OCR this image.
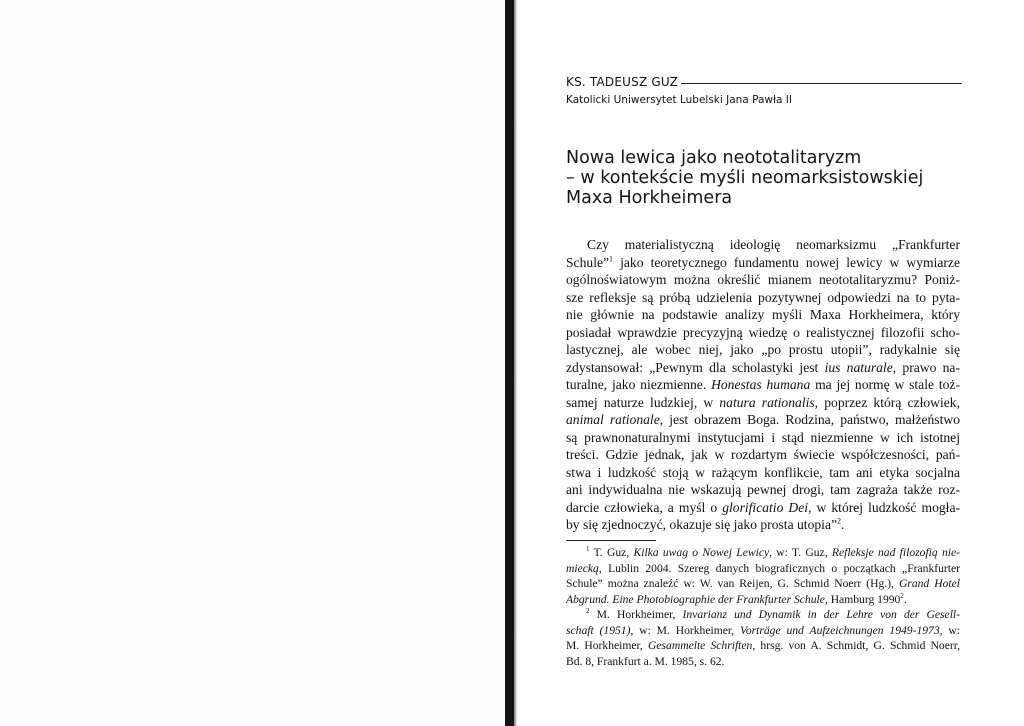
KS. TADEUSZ GUZ
Katolicki Uniwersytet Lubelski Jana Pawła II
Nowa lewica jako neototalitaryzm
– w kontekście myśli neomarksistowskiej
Maxa Horkheimera
Czy materialistyczną ideologię neomarksizmu „Frankfurter
Schule”$^1$ jako teoretycznego fundamentu nowej lewicy w wymiarze
ogólnoświatowym można określić mianem neototalitaryzmu? Poniż-
sze refleksje są próbą udzielenia pozytywnej odpowiedzi na to pyta-
nie głównie na podstawie analizy myśli Maxa Horkheimera, który
posiadał wprawdzie precyzyjną wiedzę o realistycznej filozofii scho-
lastycznej, ale wobec niej, jako „po prostu utopii”, radykalnie się
zdystansował: „Pewnym dla scholastyki jest ius naturale, prawo na-
turalne, jako niezmienne. Honestas humana ma jej normę w stale toż-
samej naturze ludzkiej, w natura rationalis, poprzez którą człowiek,
animal rationale, jest obrazem Boga. Rodzina, państwo, małżeństwo
są prawnonaturalnymi instytucjami i stąd niezmienne w ich istotnej
treści. Gdzie jednak, jak w rozdartym świecie współczesności, pań-
stwa i ludzkość stoją w rażącym konflikcie, tam ani etyka socjalna
ani indywidualna nie wskazują pewnej drogi, tam zagraża także roz-
darcie człowieka, a myśl o glorificatio Dei, w której ludzkość mogła-
by się zjednoczyć, okazuje się jako prosta utopia”$^2$.
$^1$ T. Guz, Kilka uwag o Nowej Lewicy, w: T. Guz, Refleksje nad filozofią nie-
miecką, Lublin 2004. Szereg danych biograficznych o początkach „Frankfurter
Schule” można znaleźć w: W. van Reijen, G. Schmid Noerr (Hg.), Grand Hotel
Abgrund. Eine Photobiographie der Frankfurter Schule, Hamburg 1990$^2$.
$^2$ M. Horkheimer, Invarianz und Dynamik in der Lehre von der Gesell-
schaft (1951), w: M. Horkheimer, Vorträge und Aufzeichnungen 1949-1973, w:
M. Horkheimer, Gesammelte Schriften, hrsg. von A. Schmidt, G. Schmid Noerr,
Bd. 8, Frankfurt a. M. 1985, s. 62.
